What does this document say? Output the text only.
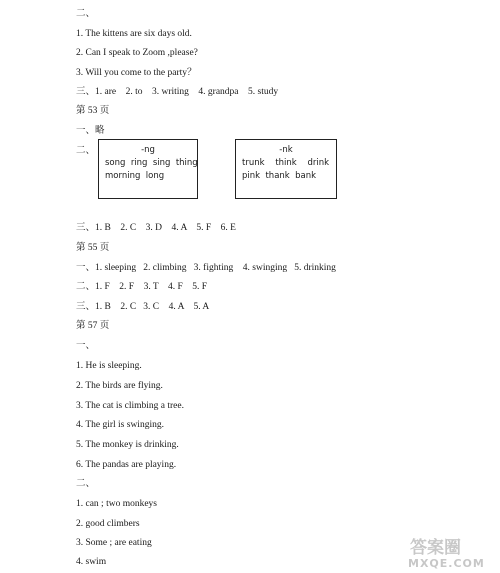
二、
1. The kittens are six days old.
2. Can I speak to Zoom ,please?
3. Will you come to the party？
三、1. are    2. to    3. writing    4. grandpa    5. study
第 53 页
一、略
二、	-ng
song  ring  sing  thing
morning  long
-nk
trunk    think    drink
pink  thank  bank
三、1. B    2. C    3. D    4. A    5. F    6. E
第 55 页
一、1. sleeping   2. climbing   3. fighting    4. swinging   5. drinking
二、1. F    2. F    3. T    4. F    5. F
三、1. B    2. C   3. C    4. A    5. A
第 57 页
一、
1. He is sleeping.
2. The birds are flying.
3. The cat is climbing a tree.
4. The girl is swinging.
5. The monkey is drinking.
6. The pandas are playing.
二、
1. can ; two monkeys
2. good climbers
3. Some ; are eating
4. swim
答案圈
MXQE.COM
